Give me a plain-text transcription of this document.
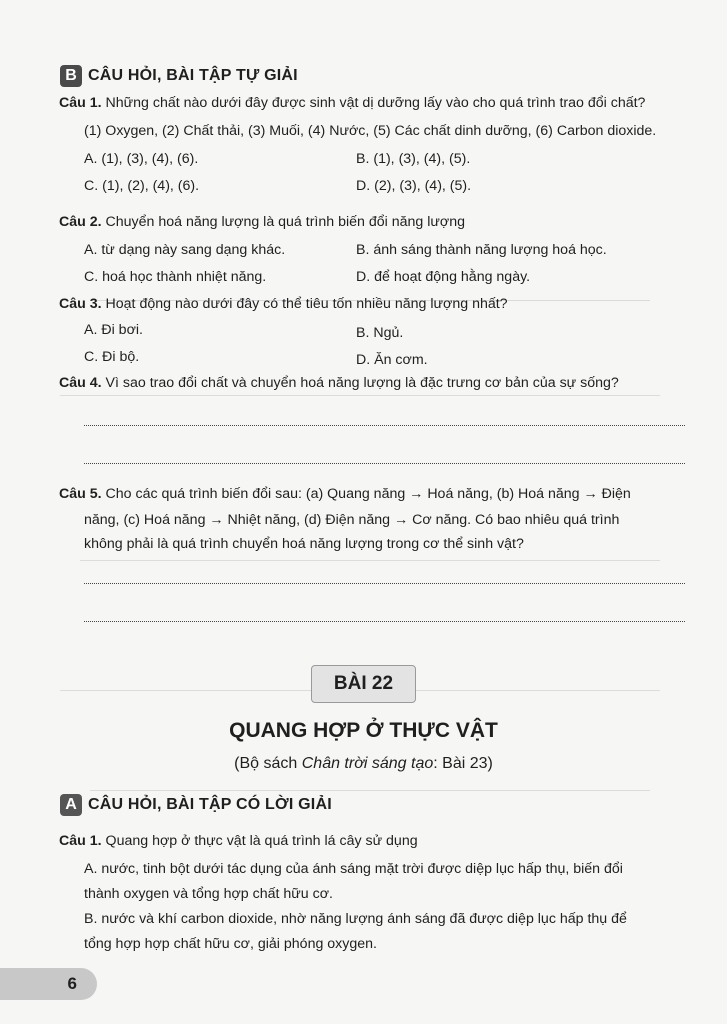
B CÂU HỎI, BÀI TẬP TỰ GIẢI
Câu 1. Những chất nào dưới đây được sinh vật dị dưỡng lấy vào cho quá trình trao đổi chất?
(1) Oxygen, (2) Chất thải, (3) Muối, (4) Nước, (5) Các chất dinh dưỡng, (6) Carbon dioxide.
A. (1), (3), (4), (6).	B. (1), (3), (4), (5).
C. (1), (2), (4), (6).	D. (2), (3), (4), (5).
Câu 2. Chuyển hoá năng lượng là quá trình biến đổi năng lượng
A. từ dạng này sang dạng khác.	B. ánh sáng thành năng lượng hoá học.
C. hoá học thành nhiệt năng.	D. để hoạt động hằng ngày.
Câu 3. Hoạt động nào dưới đây có thể tiêu tốn nhiều năng lượng nhất?
A. Đi bơi.	B. Ngủ.
C. Đi bộ.	D. Ăn cơm.
Câu 4. Vì sao trao đổi chất và chuyển hoá năng lượng là đặc trưng cơ bản của sự sống?
Câu 5. Cho các quá trình biến đổi sau: (a) Quang năng → Hoá năng, (b) Hoá năng → Điện
năng, (c) Hoá năng → Nhiệt năng, (d) Điện năng → Cơ năng. Có bao nhiêu quá trình
không phải là quá trình chuyển hoá năng lượng trong cơ thể sinh vật?
BÀI 22
QUANG HỢP Ở THỰC VẬT
(Bộ sách Chân trời sáng tạo: Bài 23)
A CÂU HỎI, BÀI TẬP CÓ LỜI GIẢI
Câu 1. Quang hợp ở thực vật là quá trình lá cây sử dụng
A. nước, tinh bột dưới tác dụng của ánh sáng mặt trời được diệp lục hấp thụ, biến đổi
thành oxygen và tổng hợp chất hữu cơ.
B. nước và khí carbon dioxide, nhờ năng lượng ánh sáng đã được diệp lục hấp thụ để
tổng hợp hợp chất hữu cơ, giải phóng oxygen.
6
